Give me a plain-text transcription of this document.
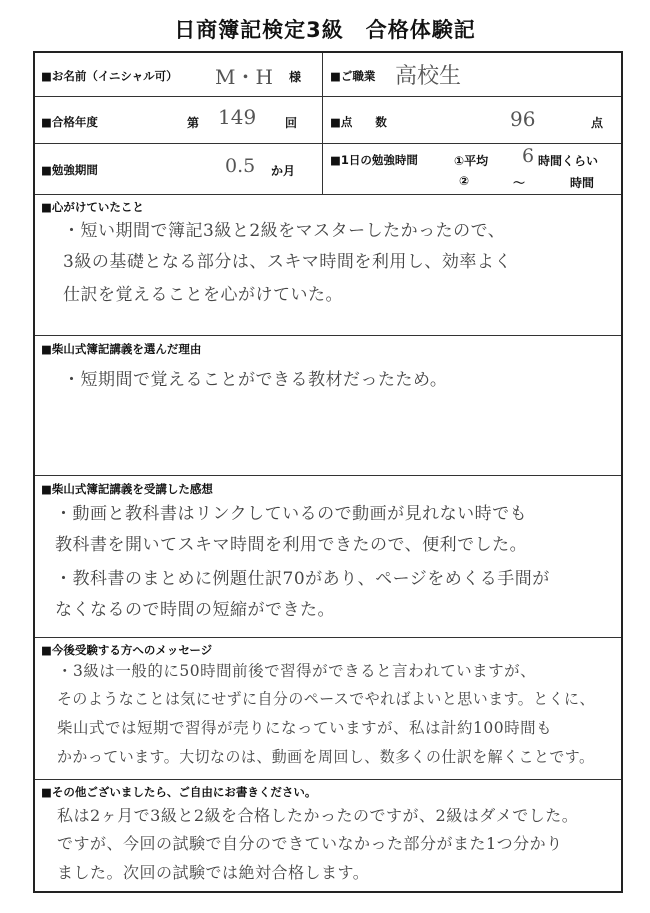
日商簿記検定3級　合格体験記
■お名前（イニシャル可） M・H 様	■ご職業 高校生
■合格年度	第 149 回	■点　　数	96	点
■勉強期間	0.5 か月
■1日の勉強時間	①平均 6 時間くらい
②	～	時間
■心がけていたこと
・短い期間で簿記3級と2級をマスターしたかったので、
3級の基礎となる部分は、スキマ時間を利用し、効率よく
仕訳を覚えることを心がけていた。
■柴山式簿記講義を選んだ理由
・短期間で覚えることができる教材だったため。
■柴山式簿記講義を受講した感想
・動画と教科書はリンクしているので動画が見れない時でも
教科書を開いてスキマ時間を利用できたので、便利でした。
・教科書のまとめに例題仕訳70があり、ページをめくる手間が
なくなるので時間の短縮ができた。
■今後受験する方へのメッセージ
・3級は一般的に50時間前後で習得ができると言われていますが、
そのようなことは気にせずに自分のペースでやればよいと思います。とくに、
柴山式では短期で習得が売りになっていますが、私は計約100時間も
かかっています。大切なのは、動画を周回し、数多くの仕訳を解くことです。
■その他ございましたら、ご自由にお書きください。
私は2ヶ月で3級と2級を合格したかったのですが、2級はダメでした。
ですが、今回の試験で自分のできていなかった部分がまた1つ分かり
ました。次回の試験では絶対合格します。
